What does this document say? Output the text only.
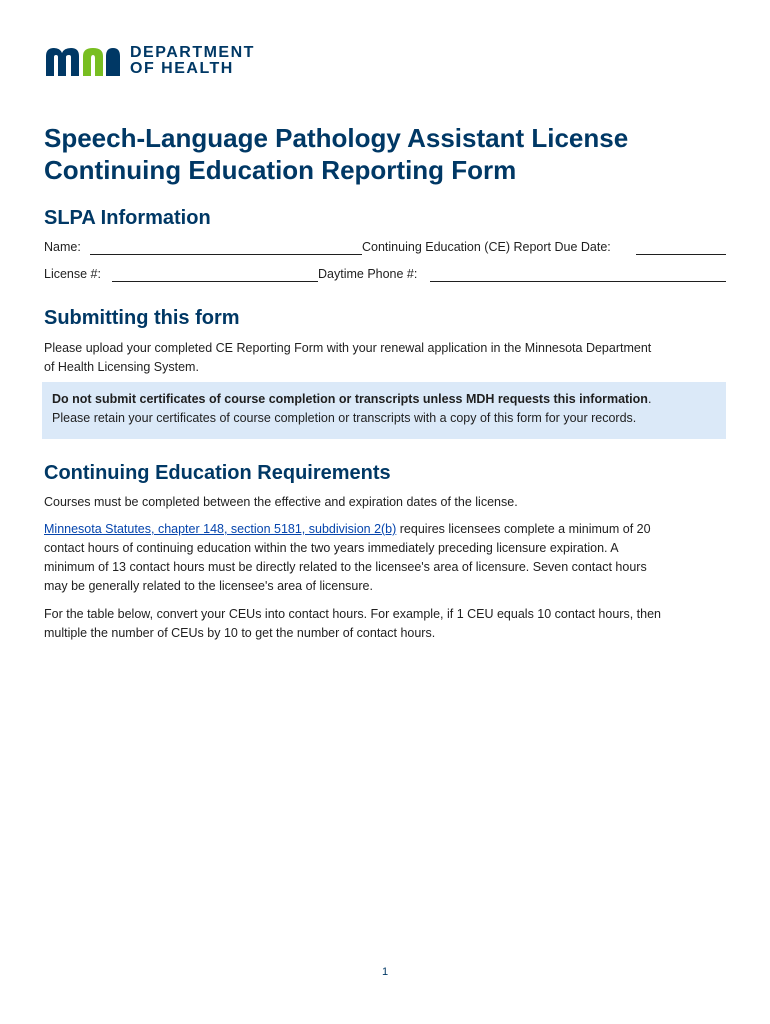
DEPARTMENT
OF HEALTH
Speech-Language Pathology Assistant License
Continuing Education Reporting Form
SLPA Information
Name:	Continuing Education (CE) Report Due Date:
License #:	Daytime Phone #:
Submitting this form
Please upload your completed CE Reporting Form with your renewal application in the Minnesota Department
of Health Licensing System.
Do not submit certificates of course completion or transcripts unless MDH requests this information.
Please retain your certificates of course completion or transcripts with a copy of this form for your records.
Continuing Education Requirements
Courses must be completed between the effective and expiration dates of the license.
Minnesota Statutes, chapter 148, section 5181, subdivision 2(b) requires licensees complete a minimum of 20
contact hours of continuing education within the two years immediately preceding licensure expiration. A
minimum of 13 contact hours must be directly related to the licensee's area of licensure. Seven contact hours
may be generally related to the licensee's area of licensure.
For the table below, convert your CEUs into contact hours. For example, if 1 CEU equals 10 contact hours, then
multiple the number of CEUs by 10 to get the number of contact hours.
1
